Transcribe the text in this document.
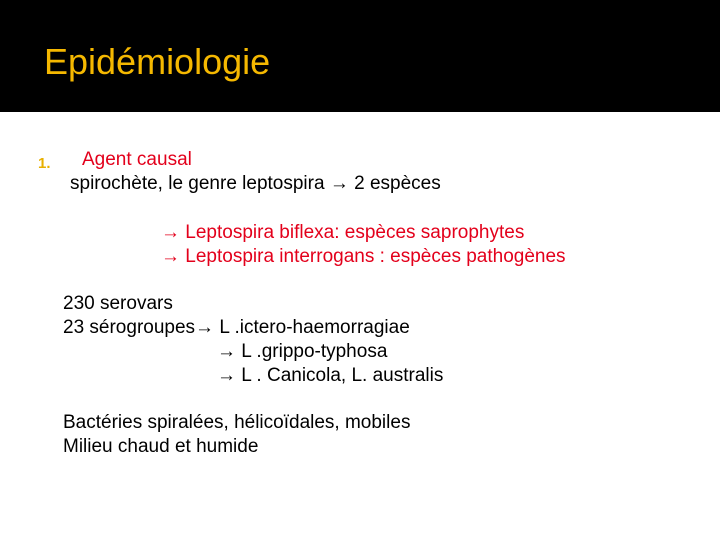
Epidémiologie
1. Agent causal
spirochète, le genre leptospira → 2 espèces
→ Leptospira biflexa: espèces saprophytes
→ Leptospira interrogans : espèces pathogènes
230 serovars
23 sérogroupes→ L .ictero-haemorragiae
→ L .grippo-typhosa
→ L . Canicola, L. australis
Bactéries spiralées, hélicoïdales, mobiles
Milieu chaud et humide
